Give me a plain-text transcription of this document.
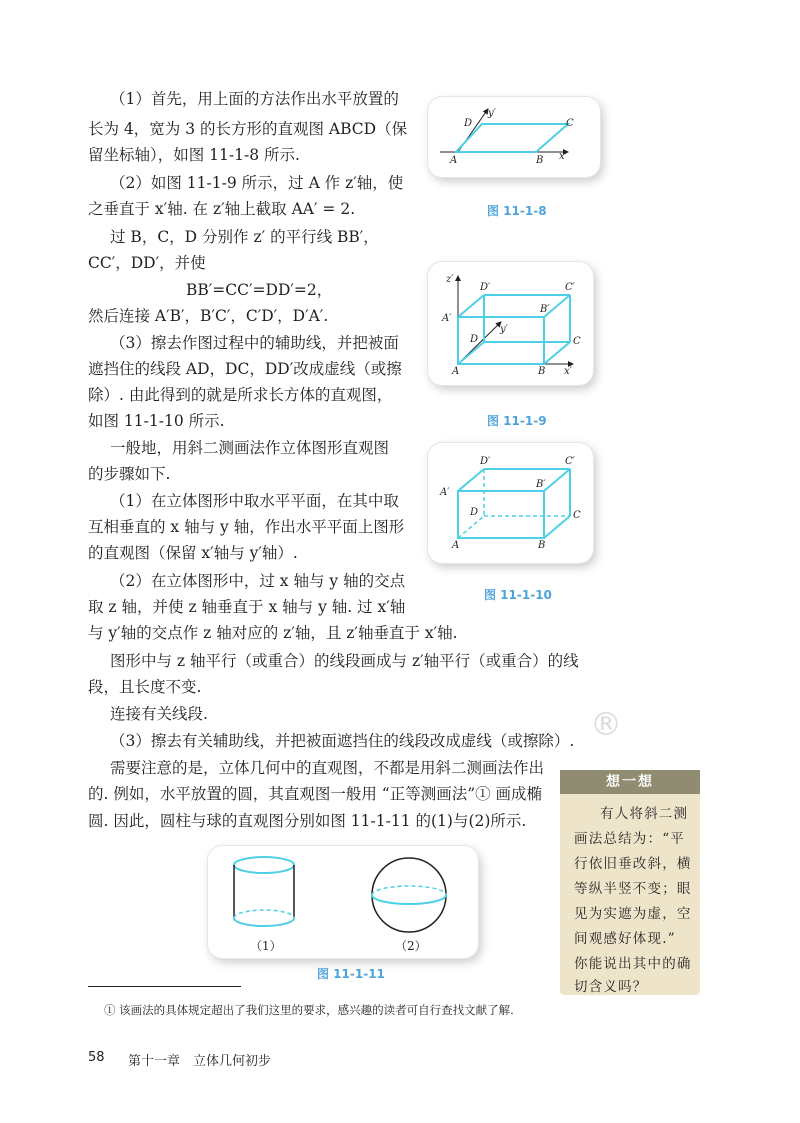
（1）首先，用上面的方法作出水平放置的
长为 4，宽为 3 的长方形的直观图 ABCD（保
留坐标轴），如图 11-1-8 所示.
（2）如图 11-1-9 所示，过 A 作 z′轴，使
之垂直于 x′轴. 在 z′轴上截取 AA′ = 2.
过 B，C，D 分别作 z′ 的平行线 BB′，
CC′，DD′，并使
BB′=CC′=DD′=2，
然后连接 A′B′，B′C′，C′D′，D′A′.
（3）擦去作图过程中的辅助线，并把被面
遮挡住的线段 AD，DC，DD′改成虚线（或擦
除）. 由此得到的就是所求长方体的直观图，
如图 11-1-10 所示.
一般地，用斜二测画法作立体图形直观图
的步骤如下.
（1）在立体图形中取水平平面，在其中取
互相垂直的 x 轴与 y 轴，作出水平平面上图形
的直观图（保留 x′轴与 y′轴）.
（2）在立体图形中，过 x 轴与 y 轴的交点
取 z 轴，并使 z 轴垂直于 x 轴与 y 轴. 过 x′轴
与 y′轴的交点作 z 轴对应的 z′轴，且 z′轴垂直于 x′轴.
图形中与 z 轴平行（或重合）的线段画成与 z′轴平行（或重合）的线
段，且长度不变.
连接有关线段.
（3）擦去有关辅助线，并把被面遮挡住的线段改成虚线（或擦除）.
需要注意的是，立体几何中的直观图，不都是用斜二测画法作出
的. 例如，水平放置的圆，其直观图一般用 “正等测画法”① 画成椭
圆. 因此，圆柱与球的直观图分别如图 11-1-11 的(1)与(2)所示.
®
A	B
C
D
x′
y′
图 11-1-8
A	B
C
D
A′
B′
C′
D′
x′
y′
z′
图 11-1-9
A	B
C
D
A′
B′
C′
D′
图 11-1-10
（1）	（2）
图 11-1-11
想一想
有人将斜二测
画法总结为：“平
行依旧垂改斜，横
等纵半竖不变；眼
见为实遮为虚，空
间观感好体现.”
你能说出其中的确
切含义吗？
① 该画法的具体规定超出了我们这里的要求，感兴趣的读者可自行查找文献了解.
58 第十一章　立体几何初步
